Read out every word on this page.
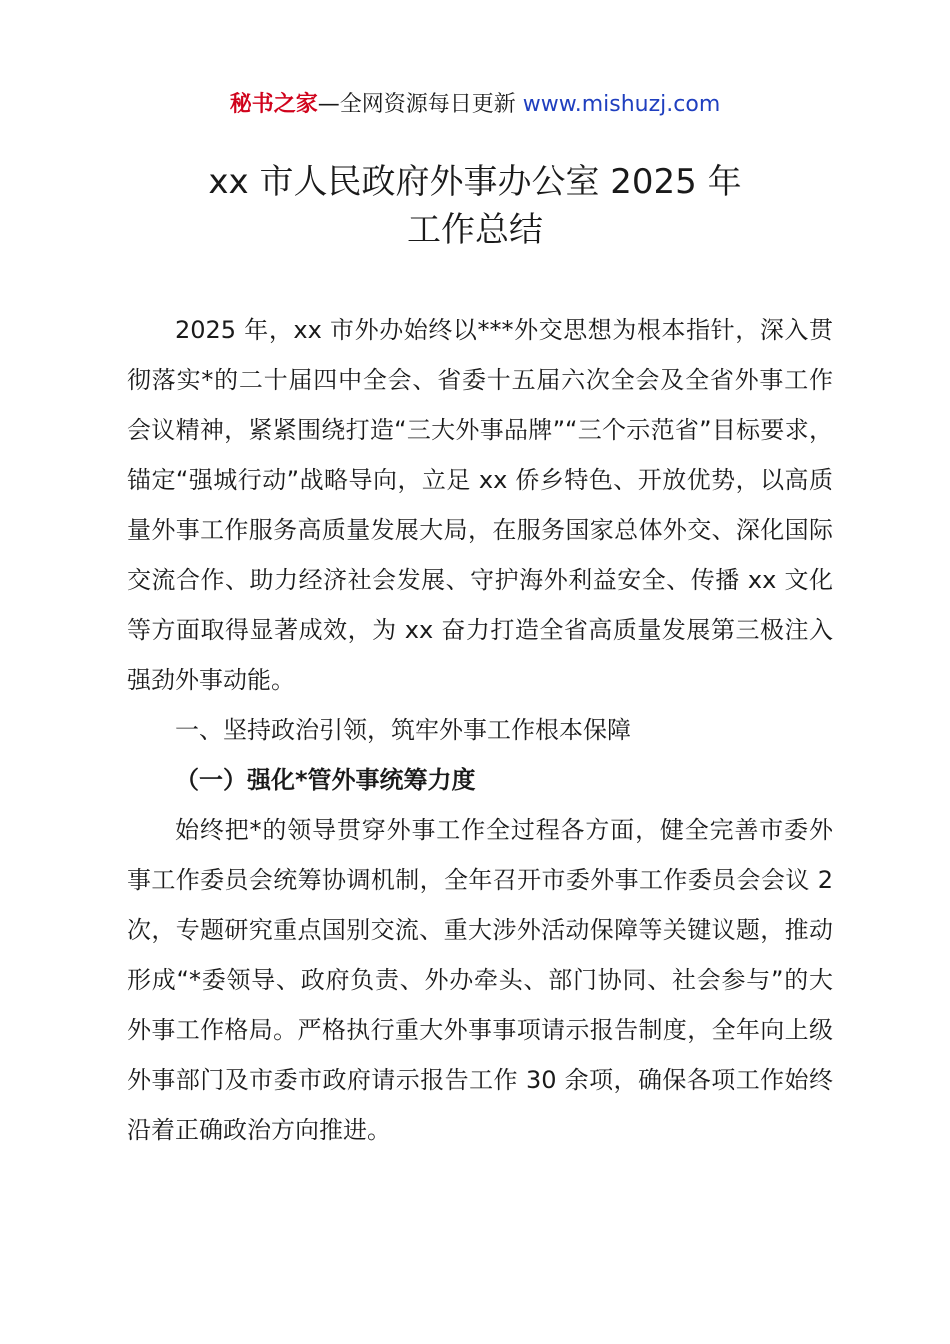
秘书之家—全网资源每日更新 www.mishuzj.com
xx 市人民政府外事办公室 2025 年
工作总结

2025 年，xx 市外办始终以***外交思想为根本指针，深入贯彻落实*的二十届四中全会、省委十五届六次全会及全省外事工作会议精神，紧紧围绕打造“三大外事品牌”“三个示范省”目标要求，锚定“强城行动”战略导向，立足 xx 侨乡特色、开放优势，以高质量外事工作服务高质量发展大局，在服务国家总体外交、深化国际交流合作、助力经济社会发展、守护海外利益安全、传播 xx 文化等方面取得显著成效，为 xx 奋力打造全省高质量发展第三极注入强劲外事动能。

一、坚持政治引领，筑牢外事工作根本保障

（一）强化*管外事统筹力度

始终把*的领导贯穿外事工作全过程各方面，健全完善市委外事工作委员会统筹协调机制，全年召开市委外事工作委员会会议 2 次，专题研究重点国别交流、重大涉外活动保障等关键议题，推动形成“*委领导、政府负责、外办牵头、部门协同、社会参与”的大外事工作格局。严格执行重大外事事项请示报告制度，全年向上级外事部门及市委市政府请示报告工作 30 余项，确保各项工作始终沿着正确政治方向推进。
